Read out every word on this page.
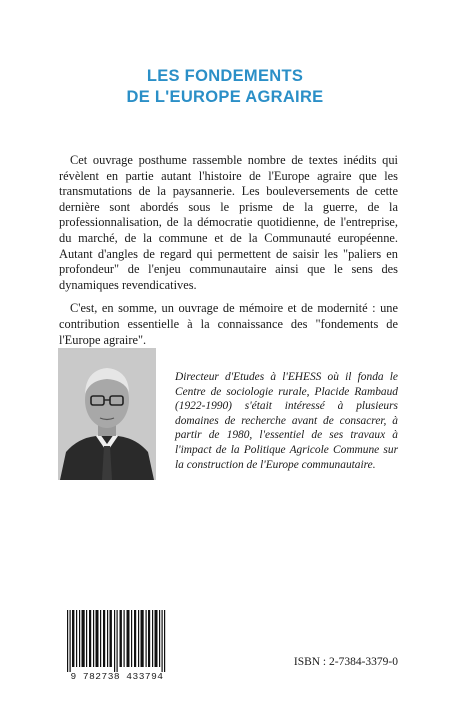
LES FONDEMENTS
DE L'EUROPE AGRAIRE

Cet ouvrage posthume rassemble nombre de textes inédits qui révèlent en partie autant l'histoire de l'Europe agraire que les transmutations de la paysannerie. Les bouleversements de cette dernière sont abordés sous le prisme de la guerre, de la professionnalisation, de la démocratie quotidienne, de l'entreprise, du marché, de la commune et de la Communauté européenne. Autant d'angles de regard qui permettent de saisir les "paliers en profondeur" de l'enjeu communautaire ainsi que le sens des dynamiques revendicatives.

C'est, en somme, un ouvrage de mémoire et de modernité : une contribution essentielle à la connaissance des "fondements de l'Europe agraire".

Directeur d'Etudes à l'EHESS où il fonda le Centre de sociologie rurale, Placide Rambaud (1922-1990) s'était intéressé à plusieurs domaines de recherche avant de consacrer, à partir de 1980, l'essentiel de ses travaux à l'impact de la Politique Agricole Commune sur la construction de l'Europe communautaire.
9 782738 433794
ISBN : 2-7384-3379-0
